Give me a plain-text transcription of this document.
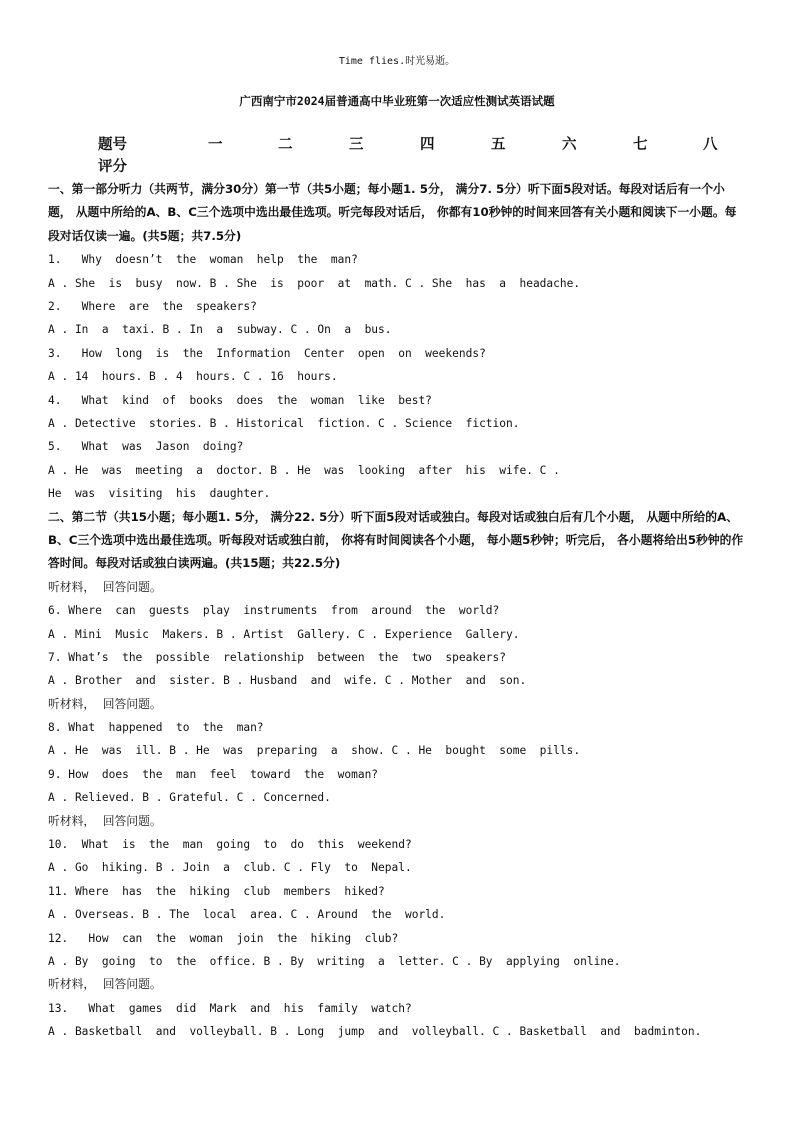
Time flies.时光易逝。
广西南宁市2024届普通高中毕业班第一次适应性测试英语试题
题号	一	二	三	四	五	六	七	八
评分
一、第一部分听力（共两节，满分30分）第一节（共5小题；每小题1. 5分， 满分7. 5分）听下面5段对话。每段对话后有一个小题， 从题中所给的A、B、C三个选项中选出最佳选项。听完每段对话后， 你都有10秒钟的时间来回答有关小题和阅读下一小题。每段对话仅读一遍。(共5题；共7.5分)
1.   Why  doesn’t  the  woman  help  the  man?
A . She  is  busy  now. B . She  is  poor  at  math. C . She  has  a  headache.
2.   Where  are  the  speakers?
A . In  a  taxi. B . In  a  subway. C . On  a  bus.
3.   How  long  is  the  Information  Center  open  on  weekends?
A . 14  hours. B . 4  hours. C . 16  hours.
4.   What  kind  of  books  does  the  woman  like  best?
A . Detective  stories. B . Historical  fiction. C . Science  fiction.
5.   What  was  Jason  doing?
A . He  was  meeting  a  doctor. B . He  was  looking  after  his  wife. C .
He  was  visiting  his  daughter.
二、第二节（共15小题；每小题1. 5分， 满分22. 5分）听下面5段对话或独白。每段对话或独白后有几个小题， 从题中所给的A、B、C三个选项中选出最佳选项。听每段对话或独白前， 你将有时间阅读各个小题， 每小题5秒钟；听完后， 各小题将给出5秒钟的作答时间。每段对话或独白读两遍。(共15题；共22.5分)
听材料，  回答问题。
6. Where  can  guests  play  instruments  from  around  the  world?
A . Mini  Music  Makers. B . Artist  Gallery. C . Experience  Gallery.
7. What’s  the  possible  relationship  between  the  two  speakers?
A . Brother  and  sister. B . Husband  and  wife. C . Mother  and  son.
听材料，  回答问题。
8. What  happened  to  the  man?
A . He  was  ill. B . He  was  preparing  a  show. C . He  bought  some  pills.
9. How  does  the  man  feel  toward  the  woman?
A . Relieved. B . Grateful. C . Concerned.
听材料，  回答问题。
10.  What  is  the  man  going  to  do  this  weekend?
A . Go  hiking. B . Join  a  club. C . Fly  to  Nepal.
11. Where  has  the  hiking  club  members  hiked?
A . Overseas. B . The  local  area. C . Around  the  world.
12.   How  can  the  woman  join  the  hiking  club?
A . By  going  to  the  office. B . By  writing  a  letter. C . By  applying  online.
听材料，  回答问题。
13.   What  games  did  Mark  and  his  family  watch?
A . Basketball  and  volleyball. B . Long  jump  and  volleyball. C . Basketball  and  badminton.
